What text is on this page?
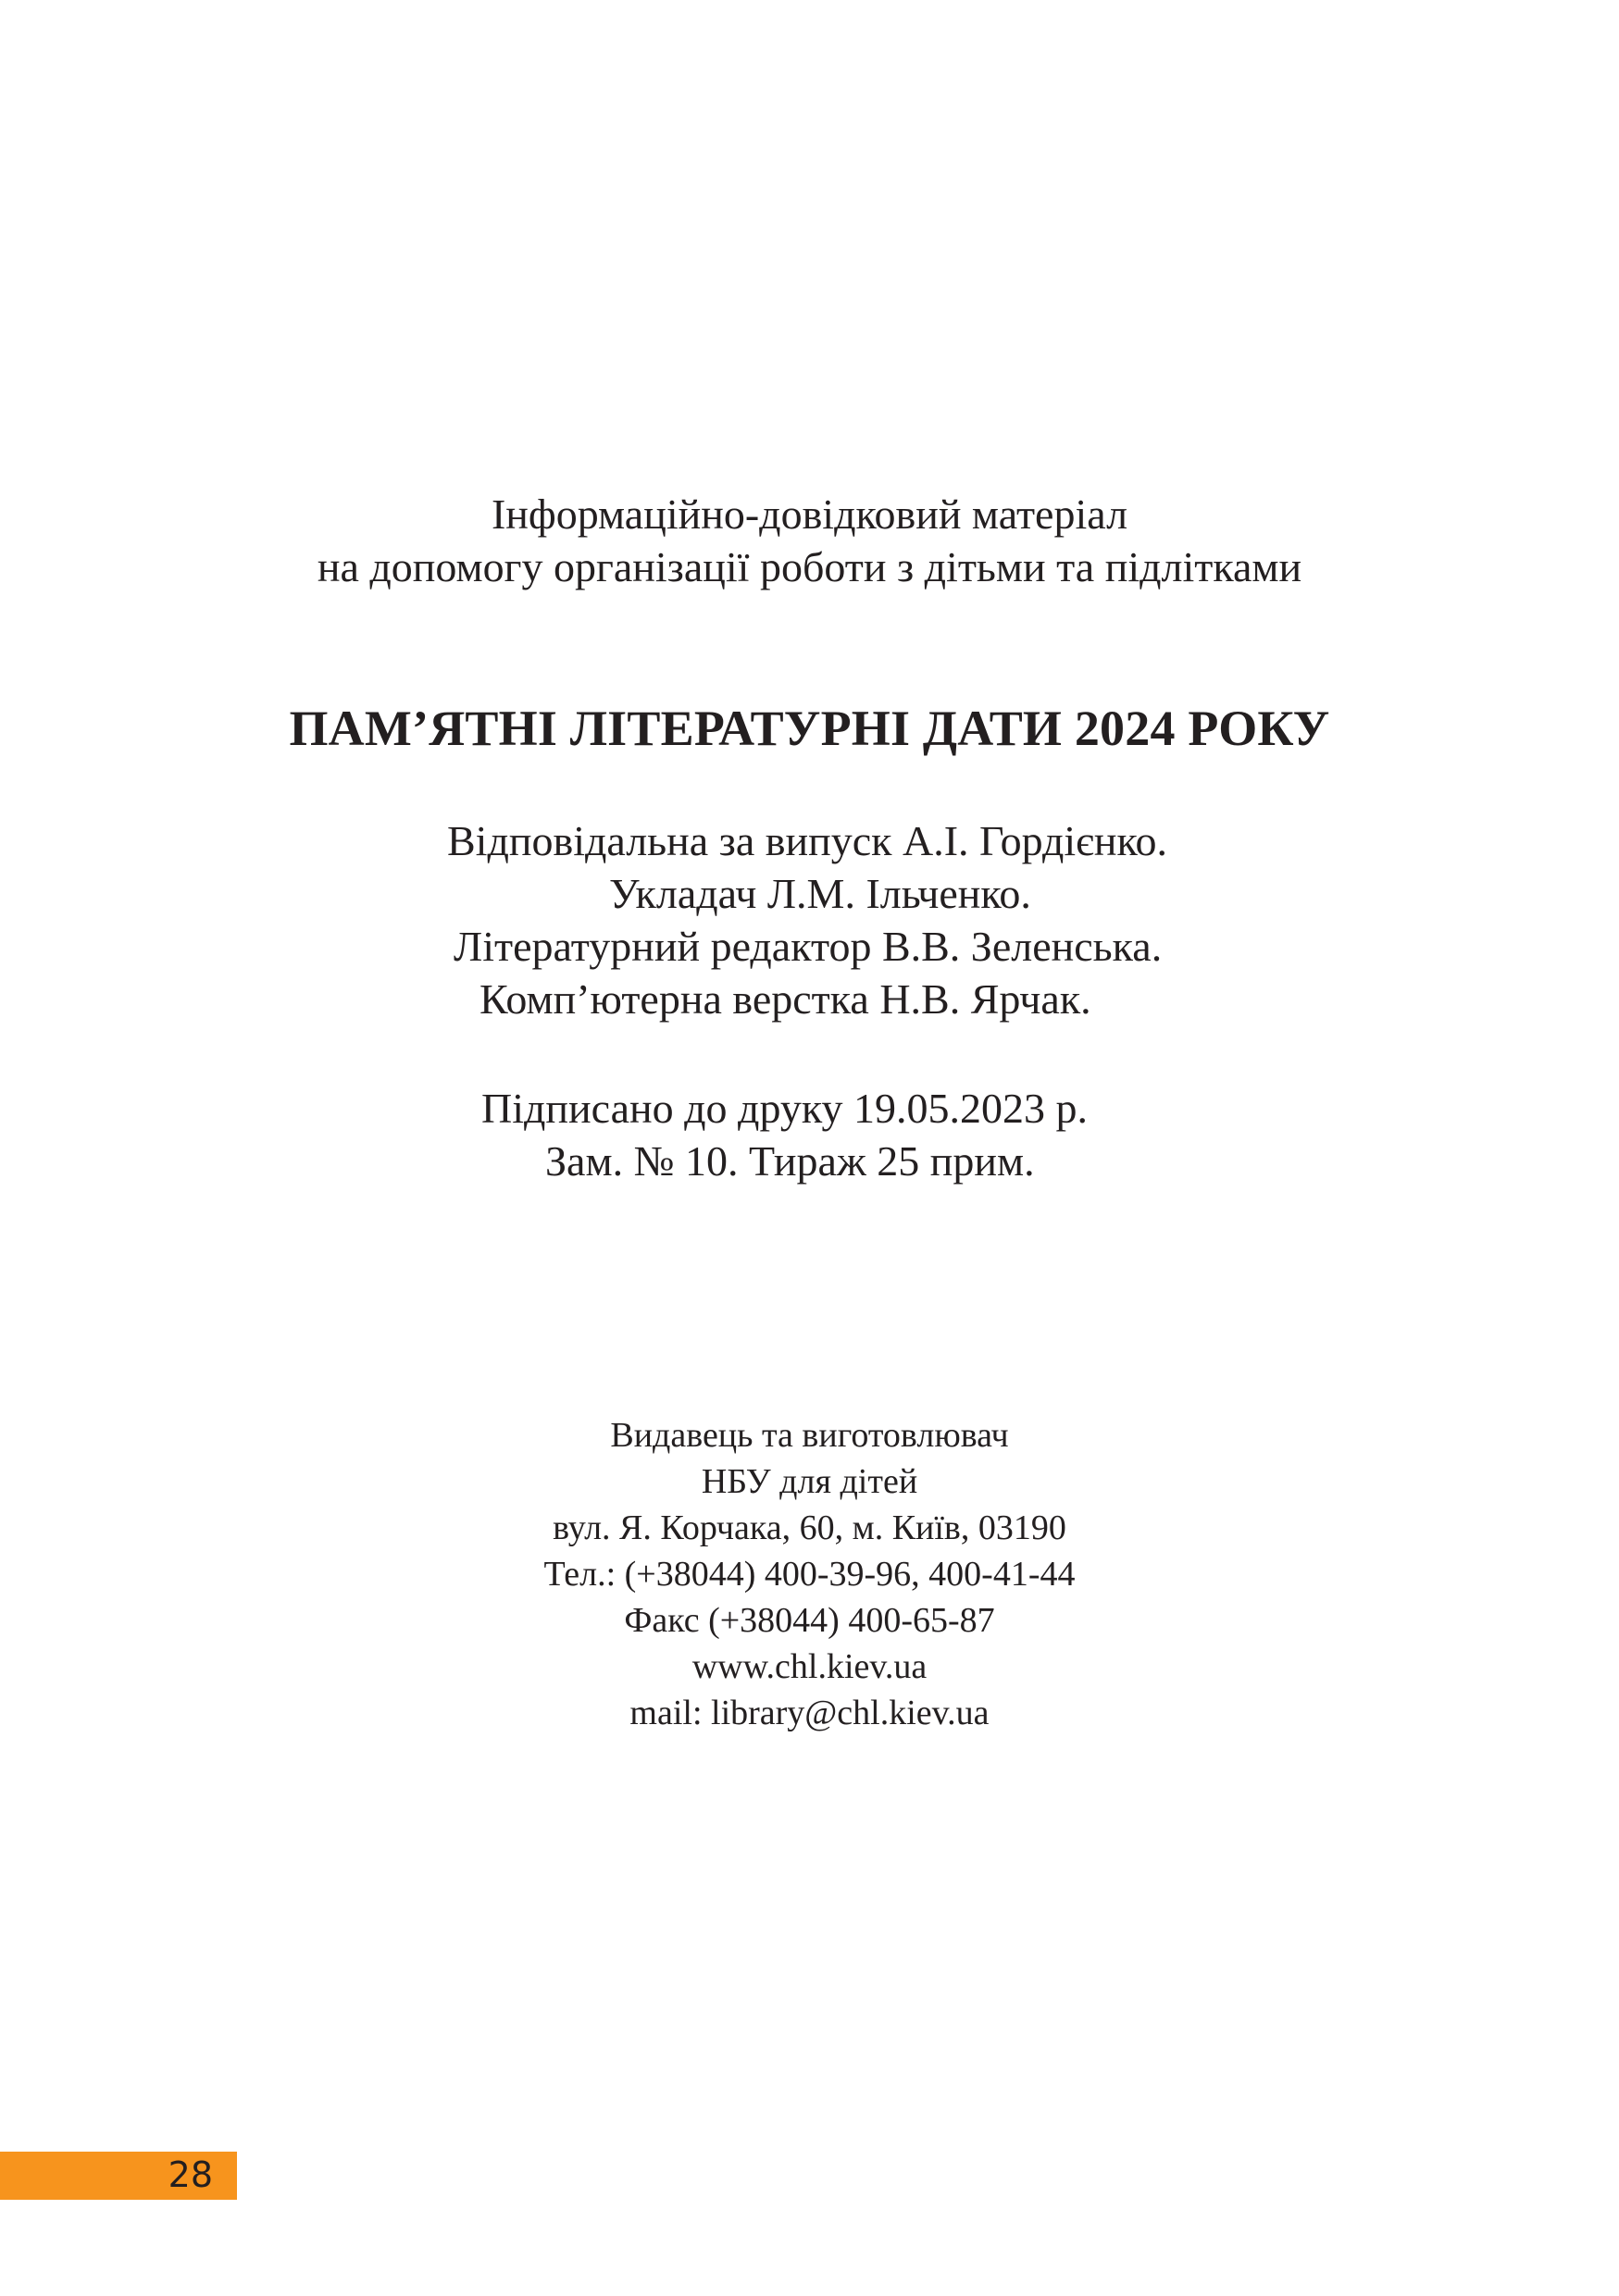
Інформаційно-довідковий матеріал
на допомогу організації роботи з дітьми та підлітками
ПАМ’ЯТНІ ЛІТЕРАТУРНІ ДАТИ 2024 РОКУ
Відповідальна за випуск А.І. Гордієнко.
Укладач Л.М. Ільченко.
Літературний редактор В.В. Зеленська.
Комп’ютерна верстка Н.В. Ярчак.
Підписано до друку 19.05.2023 р.
Зам. № 10. Тираж 25 прим.
Видавець та виготовлювач
НБУ для дітей
вул. Я. Корчака, 60, м. Київ, 03190
Тел.: (+38044) 400-39-96, 400-41-44
Факс (+38044) 400-65-87
www.chl.kiev.ua
mail: library@chl.kiev.ua
28
